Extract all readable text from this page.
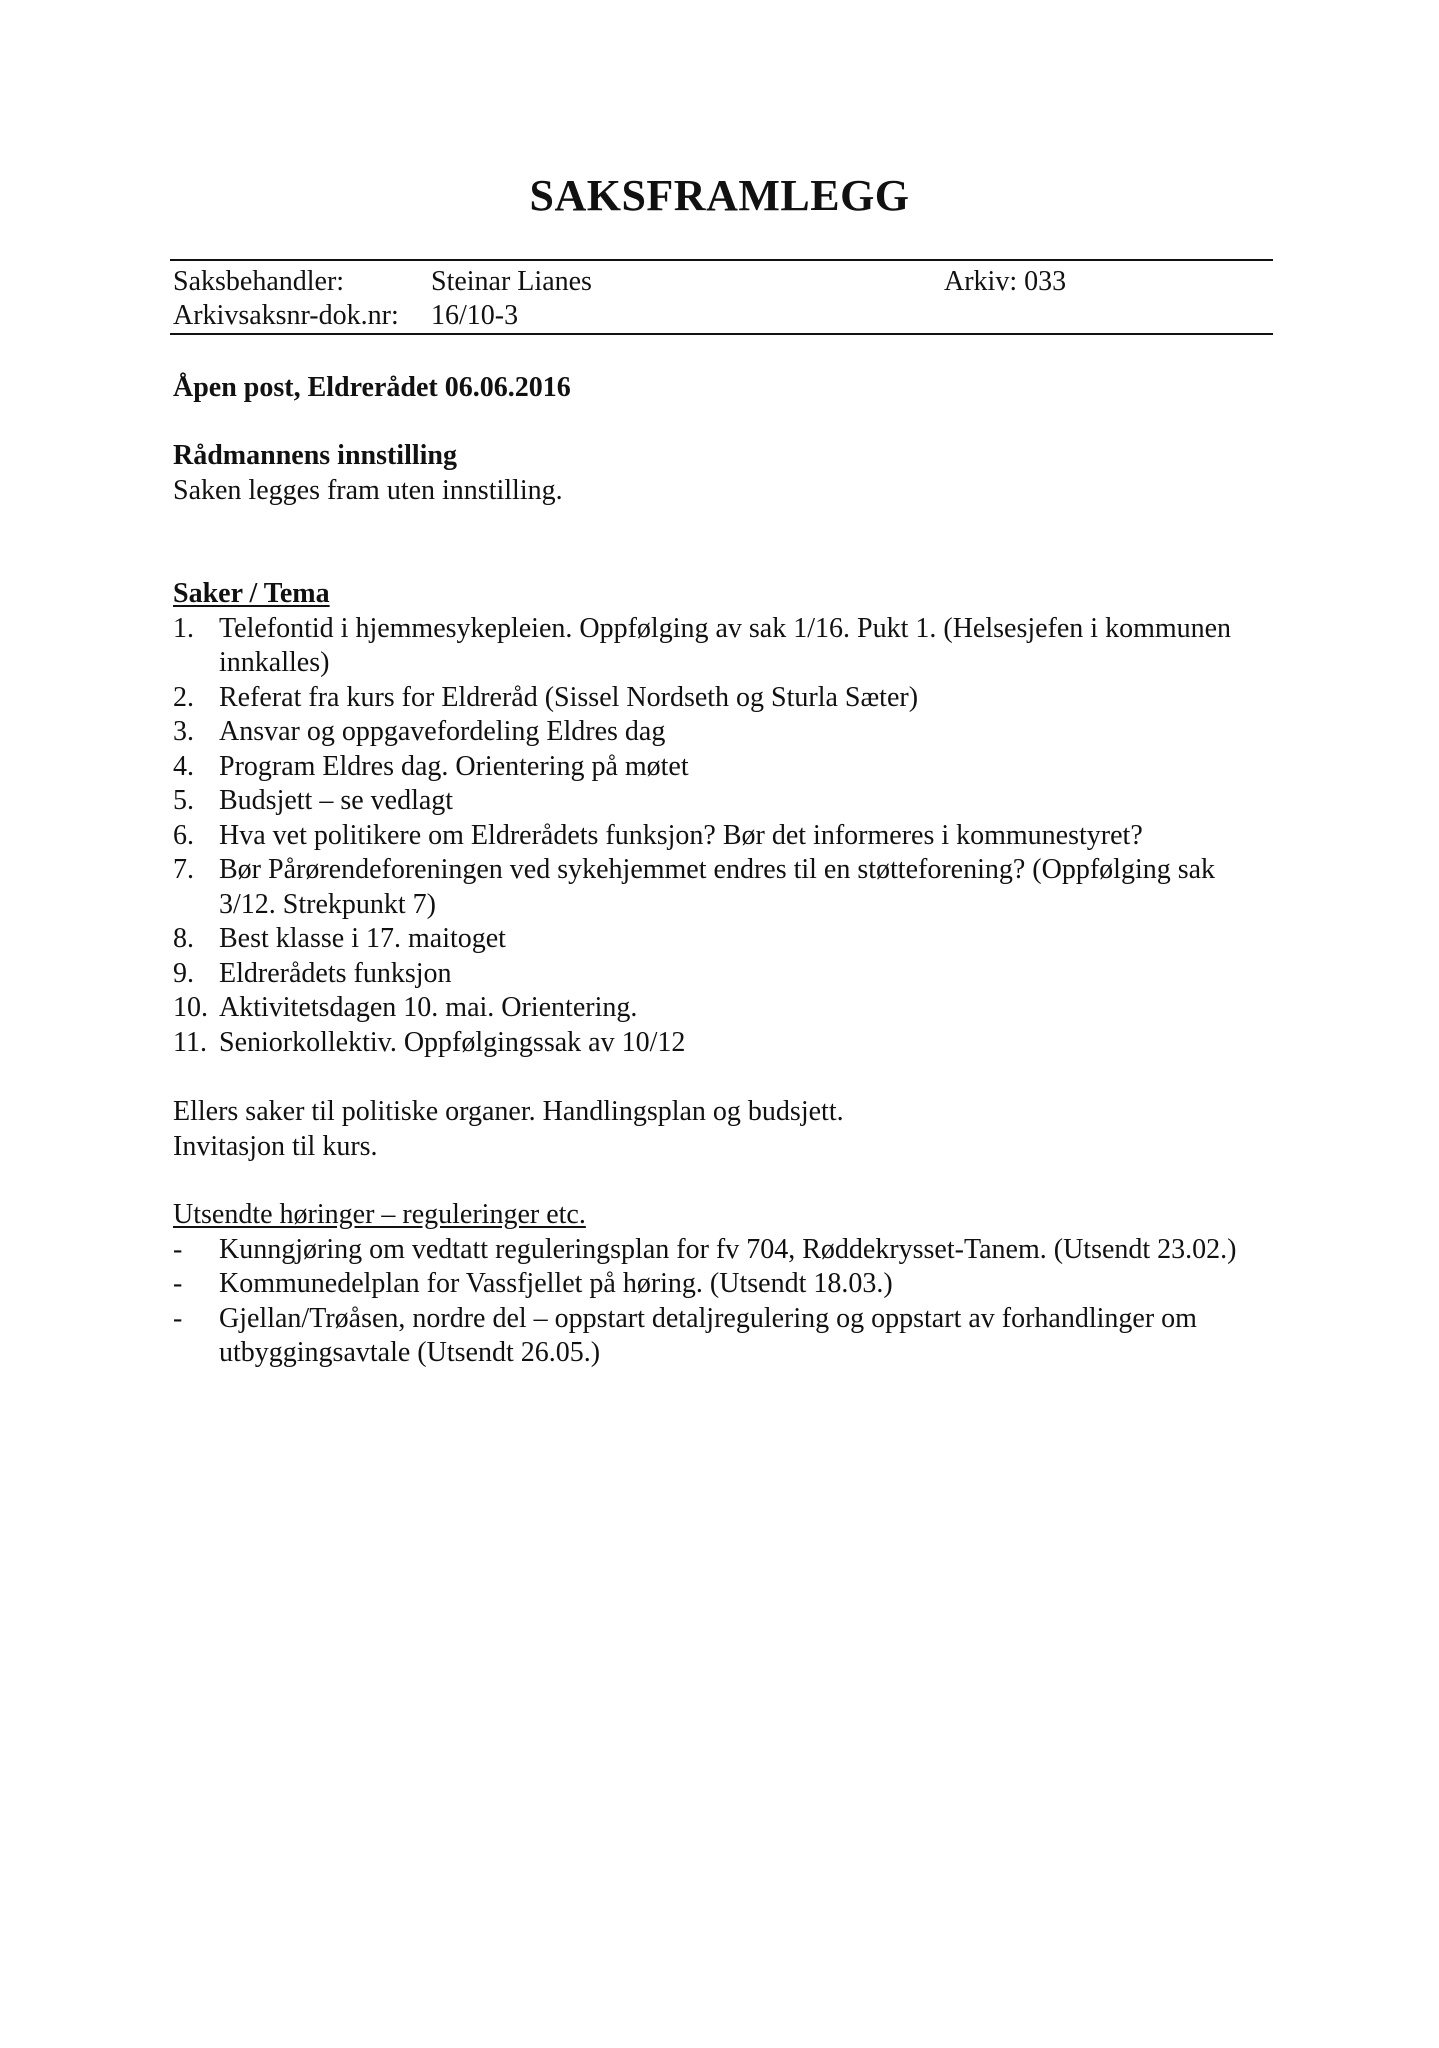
SAKSFRAMLEGG
Saksbehandler:	Steinar Lianes	Arkiv: 033
Arkivsaksnr-dok.nr: 16/10-3
Åpen post, Eldrerådet 06.06.2016
Rådmannens innstilling
Saken legges fram uten innstilling.
Saker / Tema
1. Telefontid i hjemmesykepleien. Oppfølging av sak 1/16. Pukt 1. (Helsesjefen i kommunen innkalles)
2. Referat fra kurs for Eldreråd (Sissel Nordseth og Sturla Sæter)
3. Ansvar og oppgavefordeling Eldres dag
4. Program Eldres dag. Orientering på møtet
5. Budsjett – se vedlagt
6. Hva vet politikere om Eldrerådets funksjon? Bør det informeres i kommunestyret?
7. Bør Pårørendeforeningen ved sykehjemmet endres til en støtteforening? (Oppfølging sak 3/12. Strekpunkt 7)
8. Best klasse i 17. maitoget
9. Eldrerådets funksjon
10. Aktivitetsdagen 10. mai. Orientering.
11. Seniorkollektiv. Oppfølgingssak av 10/12
Ellers saker til politiske organer. Handlingsplan og budsjett.
Invitasjon til kurs.
Utsendte høringer – reguleringer etc.
- Kunngjøring om vedtatt reguleringsplan for fv 704, Røddekrysset-Tanem. (Utsendt 23.02.)
- Kommunedelplan for Vassfjellet på høring. (Utsendt 18.03.)
- Gjellan/Trøåsen, nordre del – oppstart detaljregulering og oppstart av forhandlinger om utbyggingsavtale (Utsendt 26.05.)
